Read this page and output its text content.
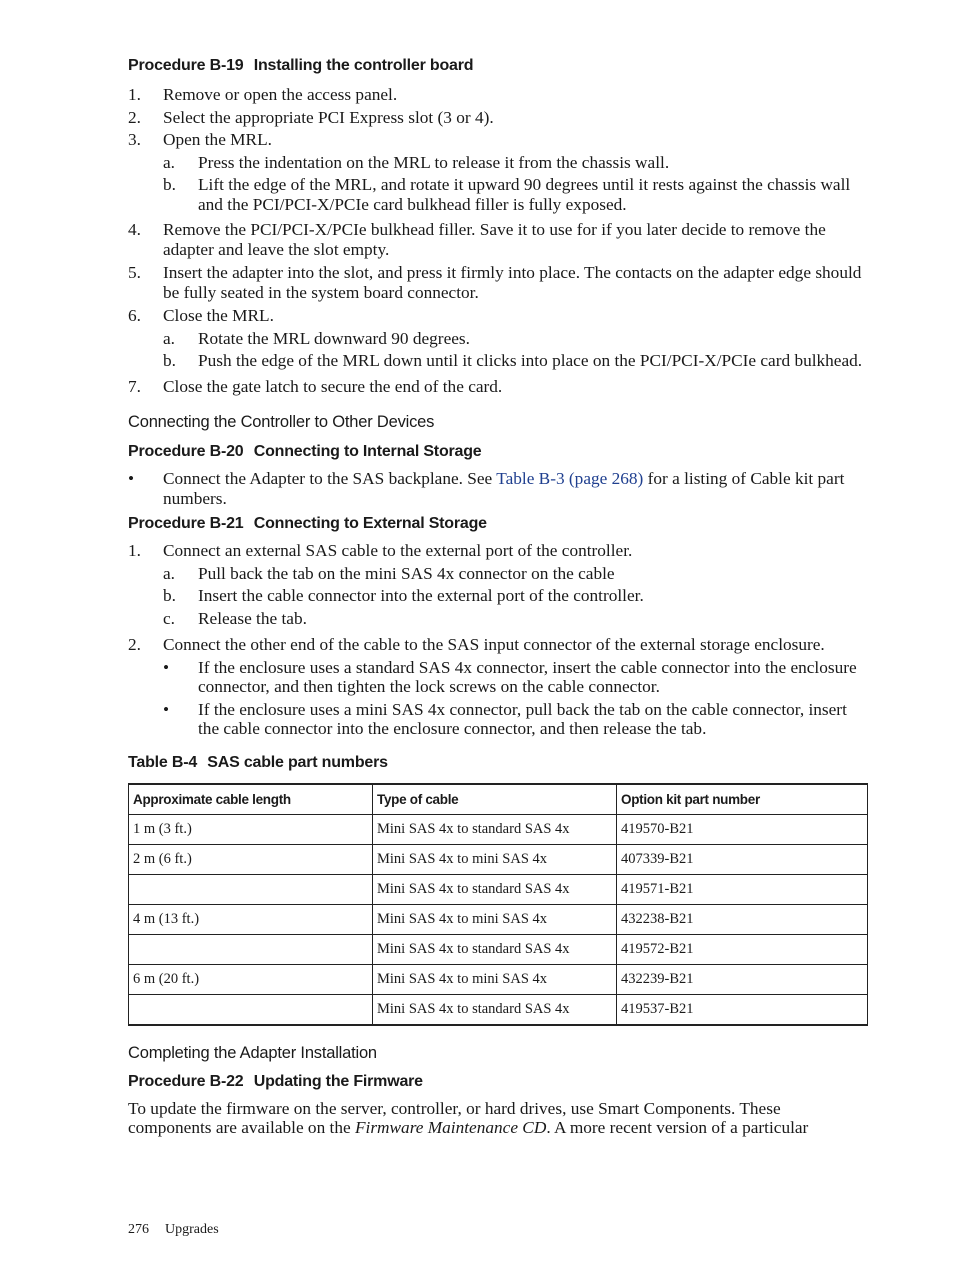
Procedure B-19 Installing the controller board

1. Remove or open the access panel.
2. Select the appropriate PCI Express slot (3 or 4).
3. Open the MRL.
a. Press the indentation on the MRL to release it from the chassis wall.
b. Lift the edge of the MRL, and rotate it upward 90 degrees until it rests against the chassis wall and the PCI/PCI-X/PCIe card bulkhead filler is fully exposed.
4. Remove the PCI/PCI-X/PCIe bulkhead filler. Save it to use for if you later decide to remove the adapter and leave the slot empty.
5. Insert the adapter into the slot, and press it firmly into place. The contacts on the adapter edge should be fully seated in the system board connector.
6. Close the MRL.
a. Rotate the MRL downward 90 degrees.
b. Push the edge of the MRL down until it clicks into place on the PCI/PCI-X/PCIe card bulkhead.
7. Close the gate latch to secure the end of the card.

Connecting the Controller to Other Devices

Procedure B-20 Connecting to Internal Storage

• Connect the Adapter to the SAS backplane. See Table B-3 (page 268) for a listing of Cable kit part numbers.

Procedure B-21 Connecting to External Storage

1. Connect an external SAS cable to the external port of the controller.
a. Pull back the tab on the mini SAS 4x connector on the cable
b. Insert the cable connector into the external port of the controller.
c. Release the tab.
2. Connect the other end of the cable to the SAS input connector of the external storage enclosure.
• If the enclosure uses a standard SAS 4x connector, insert the cable connector into the enclosure connector, and then tighten the lock screws on the cable connector.
• If the enclosure uses a mini SAS 4x connector, pull back the tab on the cable connector, insert the cable connector into the enclosure connector, and then release the tab.

Table B-4 SAS cable part numbers

Approximate cable length	Type of cable	Option kit part number
1 m (3 ft.)	Mini SAS 4x to standard SAS 4x	419570-B21
2 m (6 ft.)	Mini SAS 4x to mini SAS 4x	407339-B21
	Mini SAS 4x to standard SAS 4x	419571-B21
4 m (13 ft.)	Mini SAS 4x to mini SAS 4x	432238-B21
	Mini SAS 4x to standard SAS 4x	419572-B21
6 m (20 ft.)	Mini SAS 4x to mini SAS 4x	432239-B21
	Mini SAS 4x to standard SAS 4x	419537-B21

Completing the Adapter Installation

Procedure B-22 Updating the Firmware

To update the firmware on the server, controller, or hard drives, use Smart Components. These components are available on the Firmware Maintenance CD. A more recent version of a particular
276 Upgrades
